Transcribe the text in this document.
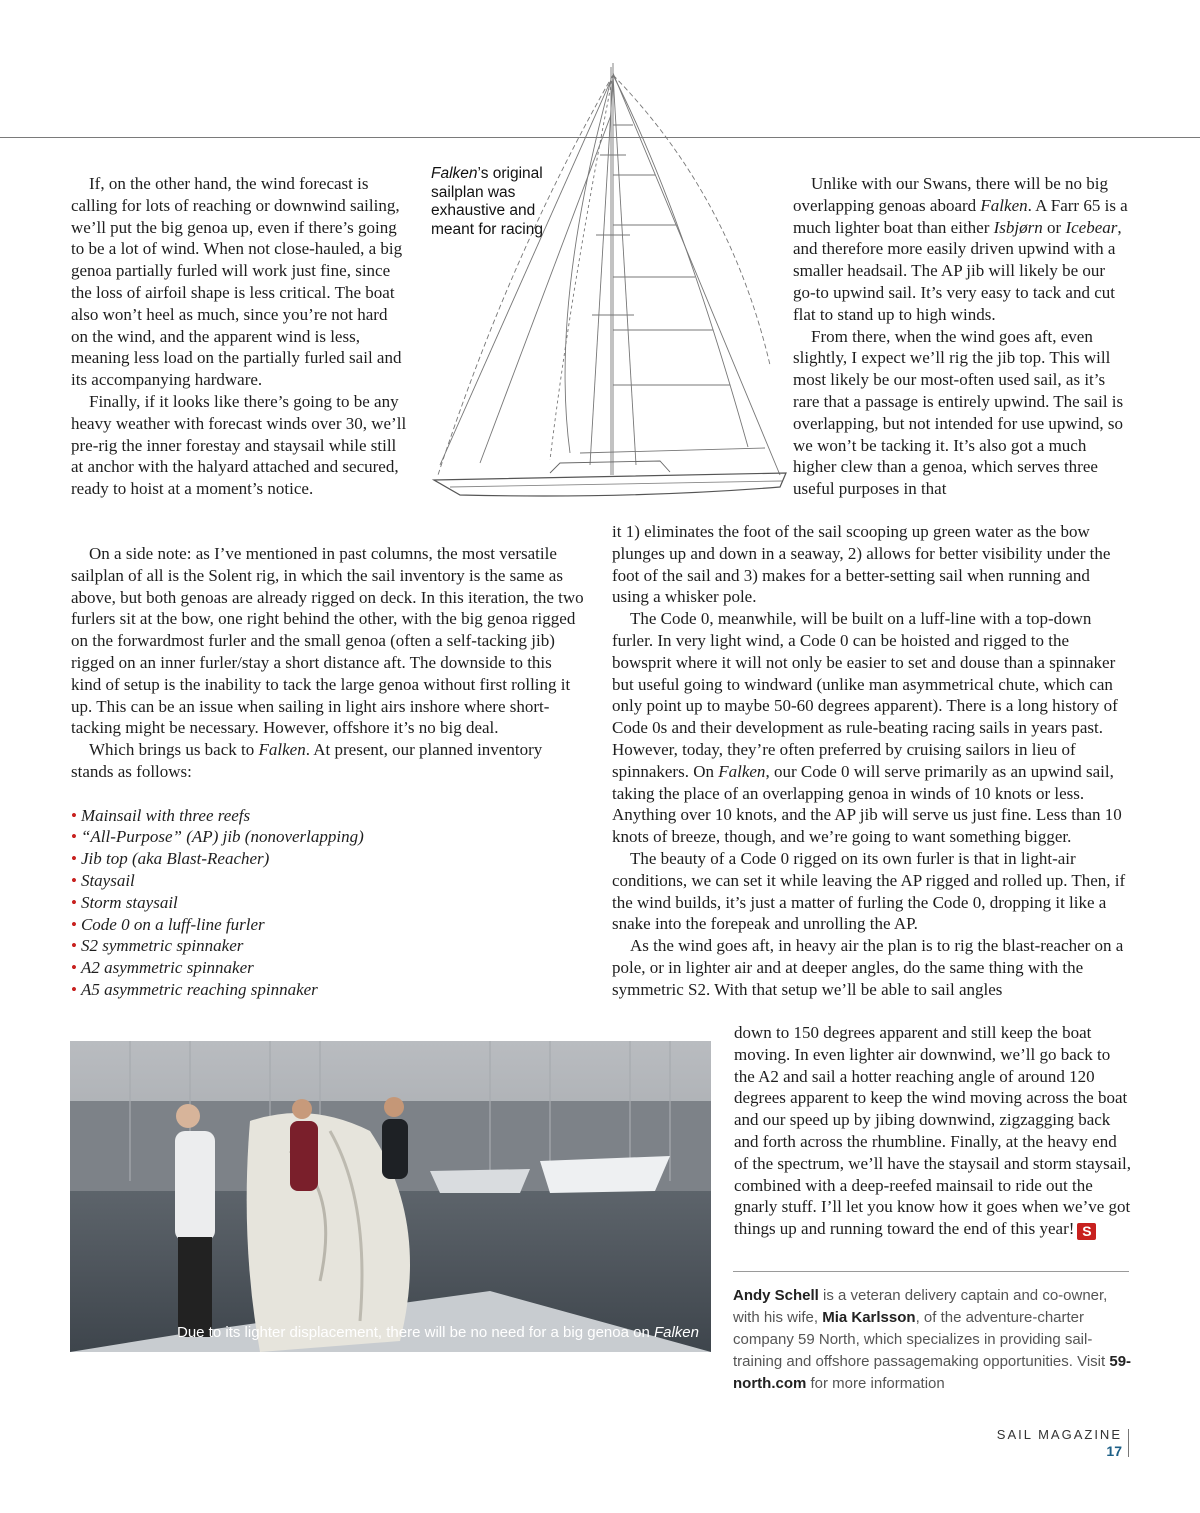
Falken’s original sailplan was exhaustive and meant for racing

If, on the other hand, the wind forecast is calling for lots of reaching or downwind sailing, we’ll put the big genoa up, even if there’s going to be a lot of wind. When not close-hauled, a big genoa partially furled will work just fine, since the loss of airfoil shape is less critical. The boat also won’t heel as much, since you’re not hard on the wind, and the apparent wind is less, meaning less load on the partially furled sail and its accompanying hardware.

Finally, if it looks like there’s going to be any heavy weather with forecast winds over 30, we’ll pre-rig the inner forestay and staysail while still at anchor with the halyard attached and secured, ready to hoist at a moment’s notice.

On a side note: as I’ve mentioned in past columns, the most versatile sailplan of all is the Solent rig, in which the sail inventory is the same as above, but both genoas are already rigged on deck. In this iteration, the two furlers sit at the bow, one right behind the other, with the big genoa rigged on the forwardmost furler and the small genoa (often a self-tacking jib) rigged on an inner furler/stay a short distance aft. The downside to this kind of setup is the inability to tack the large genoa without first rolling it up. This can be an issue when sailing in light airs inshore where short-tacking might be necessary. However, offshore it’s no big deal.

Which brings us back to Falken. At present, our planned inventory stands as follows:

• Mainsail with three reefs
• “All-Purpose” (AP) jib (nonoverlapping)
• Jib top (aka Blast-Reacher)
• Staysail
• Storm staysail
• Code 0 on a luff-line furler
• S2 symmetric spinnaker
• A2 asymmetric spinnaker
• A5 asymmetric reaching spinnaker

Unlike with our Swans, there will be no big overlapping genoas aboard Falken. A Farr 65 is a much lighter boat than either Isbjørn or Icebear, and therefore more easily driven upwind with a smaller headsail. The AP jib will likely be our go-to upwind sail. It’s very easy to tack and cut flat to stand up to high winds.

From there, when the wind goes aft, even slightly, I expect we’ll rig the jib top. This will most likely be our most-often used sail, as it’s rare that a passage is entirely upwind. The sail is overlapping, but not intended for use upwind, so we won’t be tacking it. It’s also got a much higher clew than a genoa, which serves three useful purposes in that

it 1) eliminates the foot of the sail scooping up green water as the bow plunges up and down in a seaway, 2) allows for better visibility under the foot of the sail and 3) makes for a better-setting sail when running and using a whisker pole.

The Code 0, meanwhile, will be built on a luff-line with a top-down furler. In very light wind, a Code 0 can be hoisted and rigged to the bowsprit where it will not only be easier to set and douse than a spinnaker but useful going to windward (unlike man asymmetrical chute, which can only point up to maybe 50-60 degrees apparent). There is a long history of Code 0s and their development as rule-beating racing sails in years past. However, today, they’re often preferred by cruising sailors in lieu of spinnakers. On Falken, our Code 0 will serve primarily as an upwind sail, taking the place of an overlapping genoa in winds of 10 knots or less. Anything over 10 knots, and the AP jib will serve us just fine. Less than 10 knots of breeze, though, and we’re going to want something bigger.

The beauty of a Code 0 rigged on its own furler is that in light-air conditions, we can set it while leaving the AP rigged and rolled up. Then, if the wind builds, it’s just a matter of furling the Code 0, dropping it like a snake into the forepeak and unrolling the AP.

As the wind goes aft, in heavy air the plan is to rig the blast-reacher on a pole, or in lighter air and at deeper angles, do the same thing with the symmetric S2. With that setup we’ll be able to sail angles

down to 150 degrees apparent and still keep the boat moving. In even lighter air downwind, we’ll go back to the A2 and sail a hotter reaching angle of around 120 degrees apparent to keep the wind moving across the boat and our speed up by jibing downwind, zigzagging back and forth across the rhumbline. Finally, at the heavy end of the spectrum, we’ll have the staysail and storm staysail, combined with a deep-reefed mainsail to ride out the gnarly stuff. I’ll let you know how it goes when we’ve got things up and running toward the end of this year! S

Due to its lighter displacement, there will be no need for a big genoa on Falken
Andy Schell is a veteran delivery captain and co-owner, with his wife, Mia Karlsson, of the adventure-charter company 59 North, which specializes in providing sail-training and offshore passagemaking opportunities. Visit 59-north.com for more information
SAIL MAGAZINE
17
